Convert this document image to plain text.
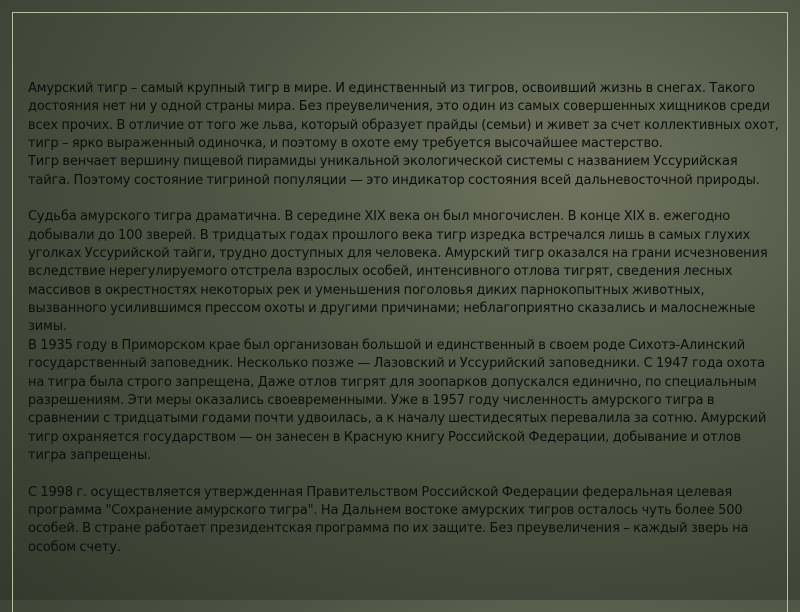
Амурский тигр – самый крупный тигр в мире. И единственный из тигров, освоивший жизнь в снегах. Такого достояния нет ни у одной страны мира. Без преувеличения, это один из самых совершенных хищников среди всех прочих. В отличие от того же льва, который образует прайды (семьи) и живет за счет коллективных охот, тигр – ярко выраженный одиночка, и поэтому в охоте ему требуется высочайшее мастерство.

Тигр венчает вершину пищевой пирамиды уникальной экологической системы с названием Уссурийская тайга. Поэтому состояние тигриной популяции — это индикатор состояния всей дальневосточной природы.

Судьба амурского тигра драматична. В середине XIX века он был многочислен. В конце XIX в. ежегодно добывали до 100 зверей. В тридцатых годах прошлого века тигр изредка встречался лишь в самых глухих уголках Уссурийской тайги, трудно доступных для человека. Амурский тигр оказался на грани исчезновения вследствие нерегулируемого отстрела взрослых особей, интенсивного отлова тигрят, сведения лесных массивов в окрестностях некоторых рек и уменьшения поголовья диких парнокопытных животных, вызванного усилившимся прессом охоты и другими причинами; неблагоприятно сказались и малоснежные зимы.

В 1935 году в Приморском крае был организован большой и единственный в своем роде Сихотэ-Алинский государственный заповедник. Несколько позже — Лазовский и Уссурийский заповедники. С 1947 года охота на тигра была строго запрещена, Даже отлов тигрят для зоопарков допускался единично, по специальным разрешениям. Эти меры оказались своевременными. Уже в 1957 году численность амурского тигра в сравнении с тридцатыми годами почти удвоилась, а к началу шестидесятых перевалила за сотню. Амурский тигр охраняется государством — он занесен в Красную книгу Российской Федерации, добывание и отлов тигра запрещены.

С 1998 г. осуществляется утвержденная Правительством Российской Федерации федеральная целевая программа "Сохранение амурского тигра". На Дальнем востоке амурских тигров осталось чуть более 500 особей. В стране работает президентская программа по их защите. Без преувеличения – каждый зверь на особом счету.
